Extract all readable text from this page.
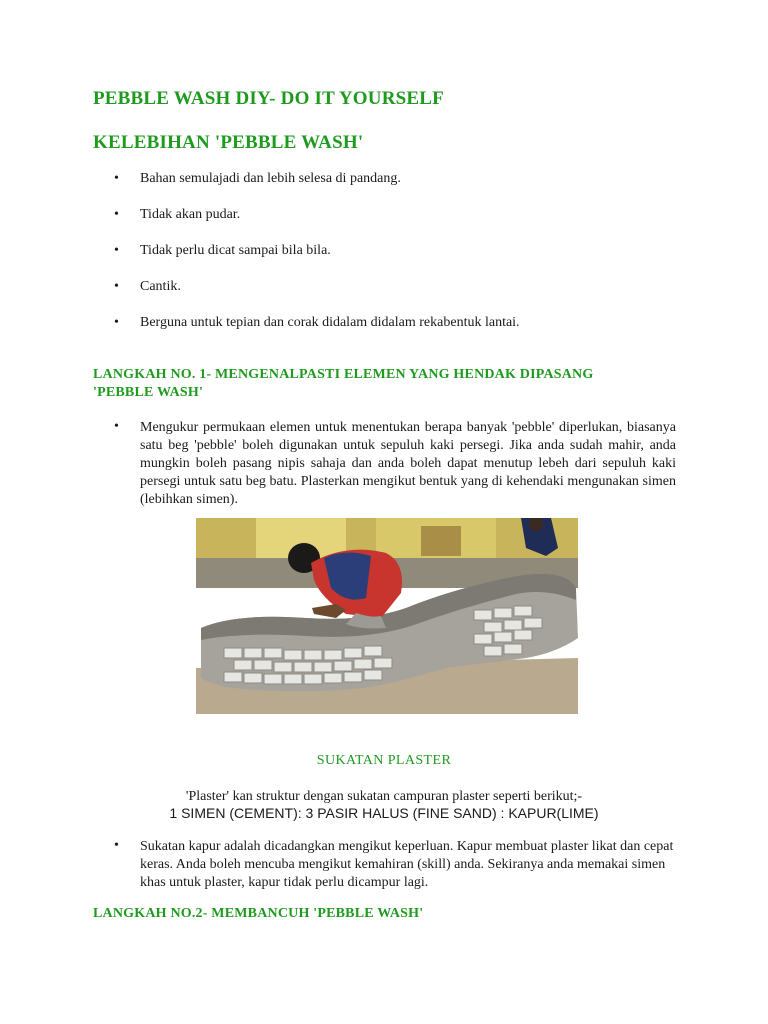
PEBBLE WASH DIY- DO IT YOURSELF
KELEBIHAN 'PEBBLE WASH'
• Bahan semulajadi dan lebih selesa di pandang.
• Tidak akan pudar.
• Tidak perlu dicat sampai bila bila.
• Cantik.
• Berguna untuk tepian dan corak didalam didalam rekabentuk lantai.
LANGKAH NO. 1- MENGENALPASTI ELEMEN YANG HENDAK DIPASANG 'PEBBLE WASH'
• Mengukur permukaan elemen untuk menentukan berapa banyak 'pebble' diperlukan, biasanya satu beg 'pebble' boleh digunakan untuk sepuluh kaki persegi. Jika anda sudah mahir, anda mungkin boleh pasang nipis sahaja dan anda boleh dapat menutup lebeh dari sepuluh kaki persegi untuk satu beg batu. Plasterkan mengikut bentuk yang di kehendaki mengunakan simen (lebihkan simen).
SUKATAN PLASTER
'Plaster' kan struktur dengan sukatan campuran plaster seperti berikut;-
1 SIMEN (CEMENT): 3 PASIR HALUS (FINE SAND) : KAPUR(LIME)
• Sukatan kapur adalah dicadangkan mengikut keperluan. Kapur membuat plaster likat dan cepat keras. Anda boleh mencuba mengikut kemahiran (skill) anda. Sekiranya anda memakai simen khas untuk plaster, kapur tidak perlu dicampur lagi.
LANGKAH NO.2- MEMBANCUH 'PEBBLE WASH'
